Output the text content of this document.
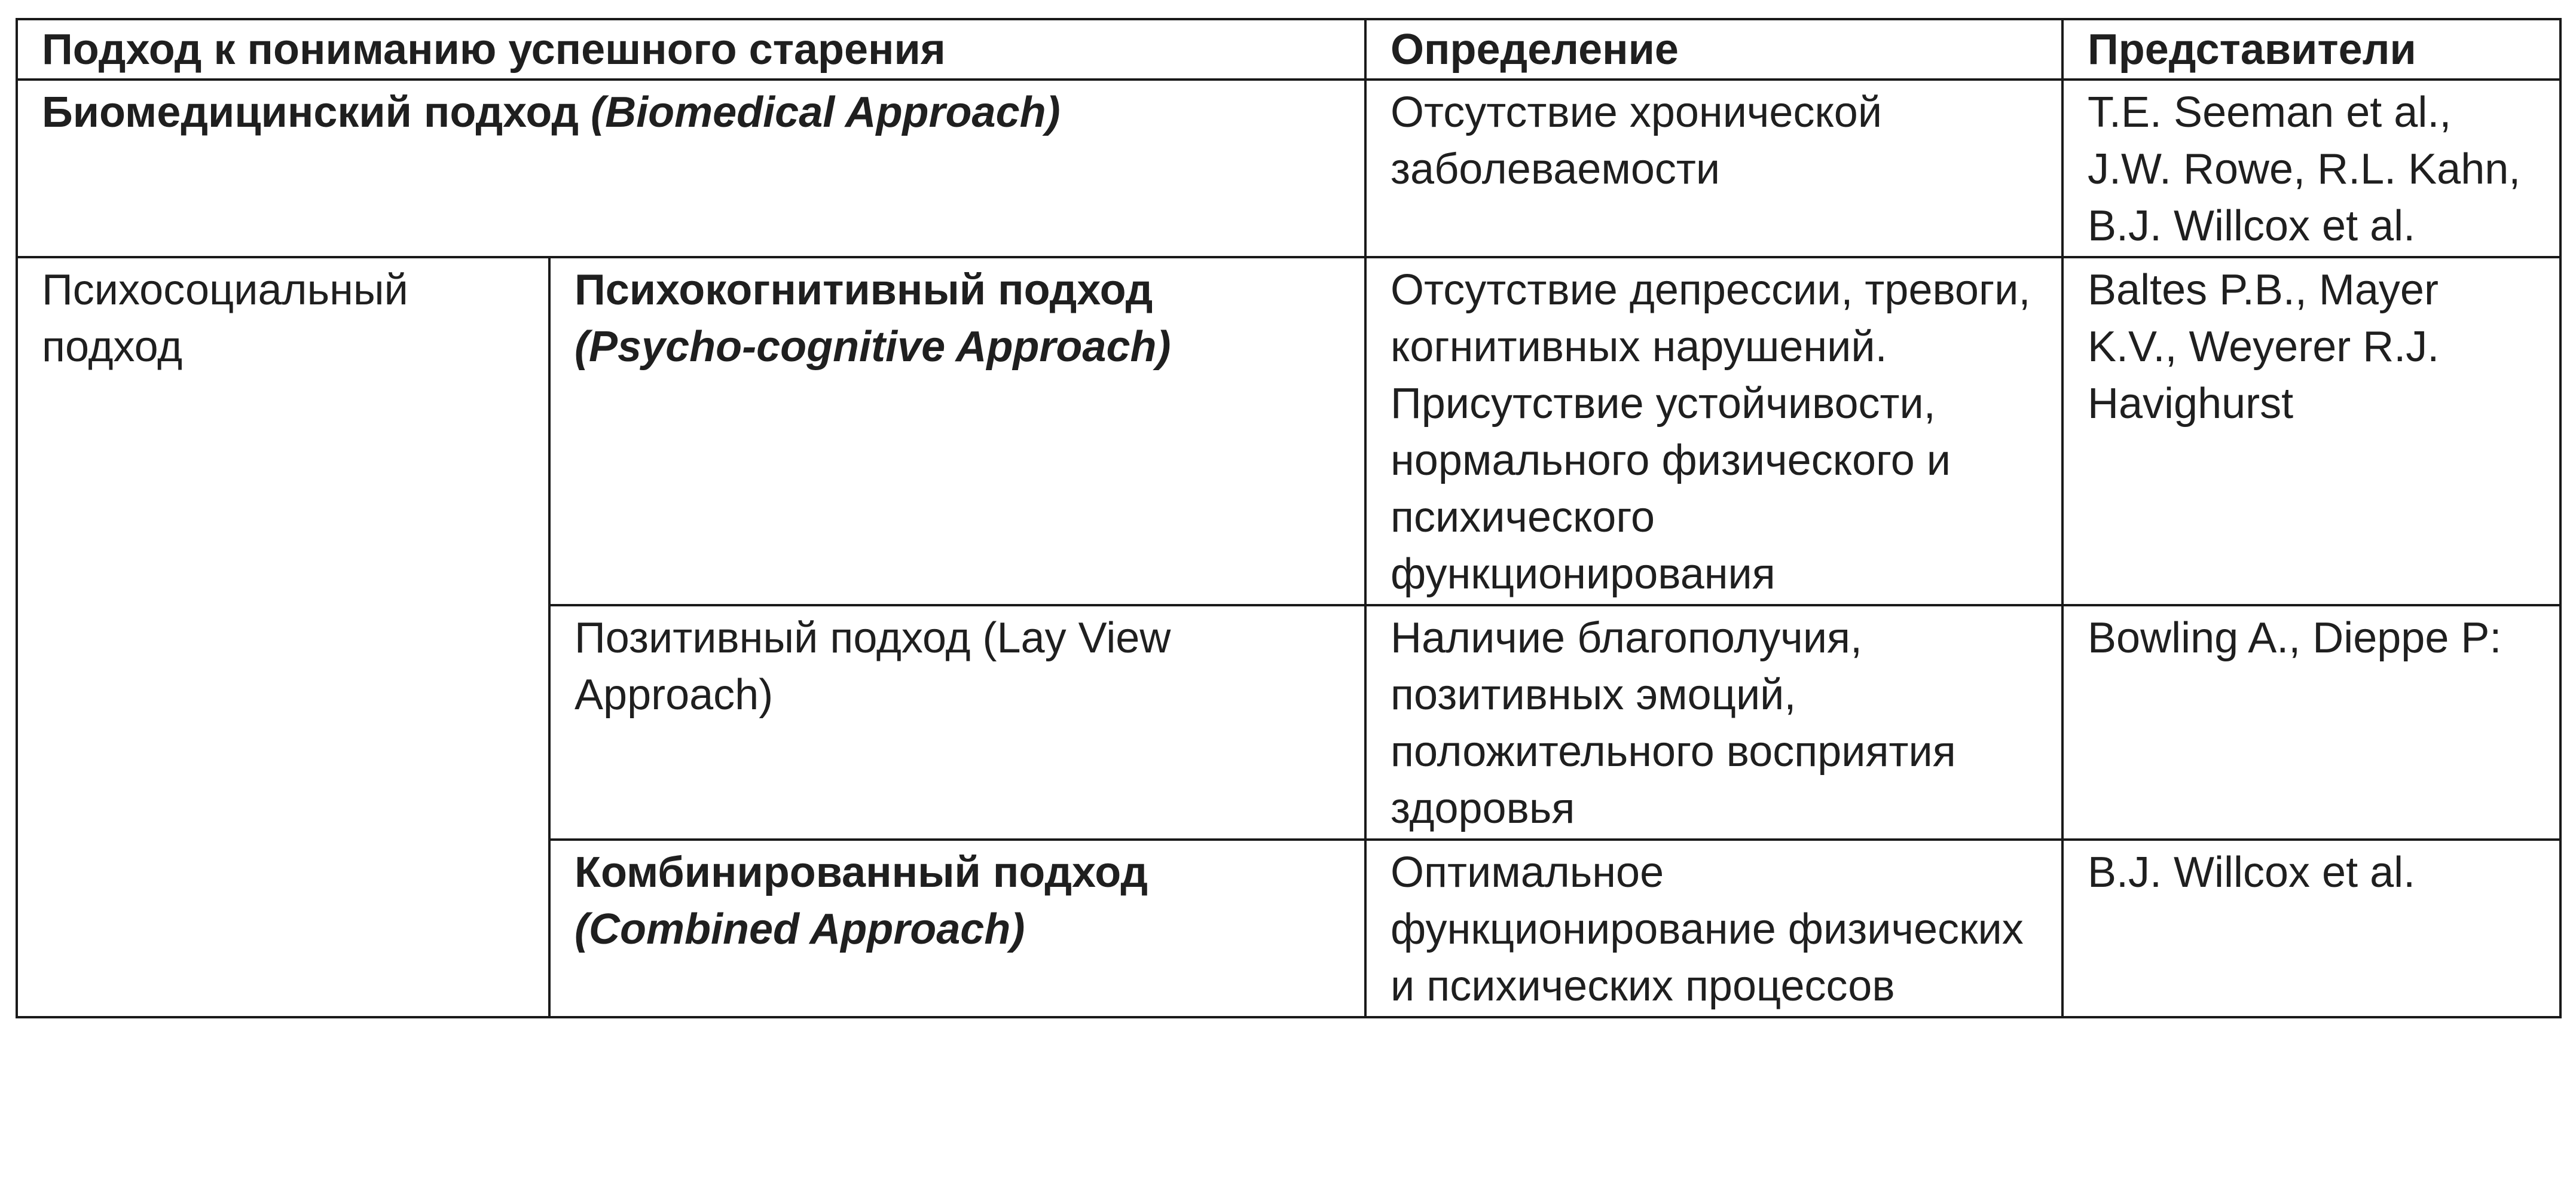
Подход к пониманию успешного старения		Определение	Представители
Биомедицинский подход (Biomedical Approach)		Отсутствие хронической заболеваемости	T.E. Seeman et al., J.W. Rowe, R.L. Kahn, B.J. Willcox et al.
Психосоциальный подход	Психокогнитивный подход (Psycho-cognitive Approach)	Отсутствие депрессии, тревоги, когнитивных нарушений. Присутствие устойчивости, нормального физического и психического функционирования	Baltes P.B., Mayer K.V., Weyerer R.J. Havighurst
	Позитивный подход (Lay View Approach)	Наличие благополучия, позитивных эмоций, положительного восприятия здоровья	Bowling A., Dieppe P:
	Комбинированный подход (Combined Approach)	Оптимальное функционирование физических и психических процессов	B.J. Willcox et al.
